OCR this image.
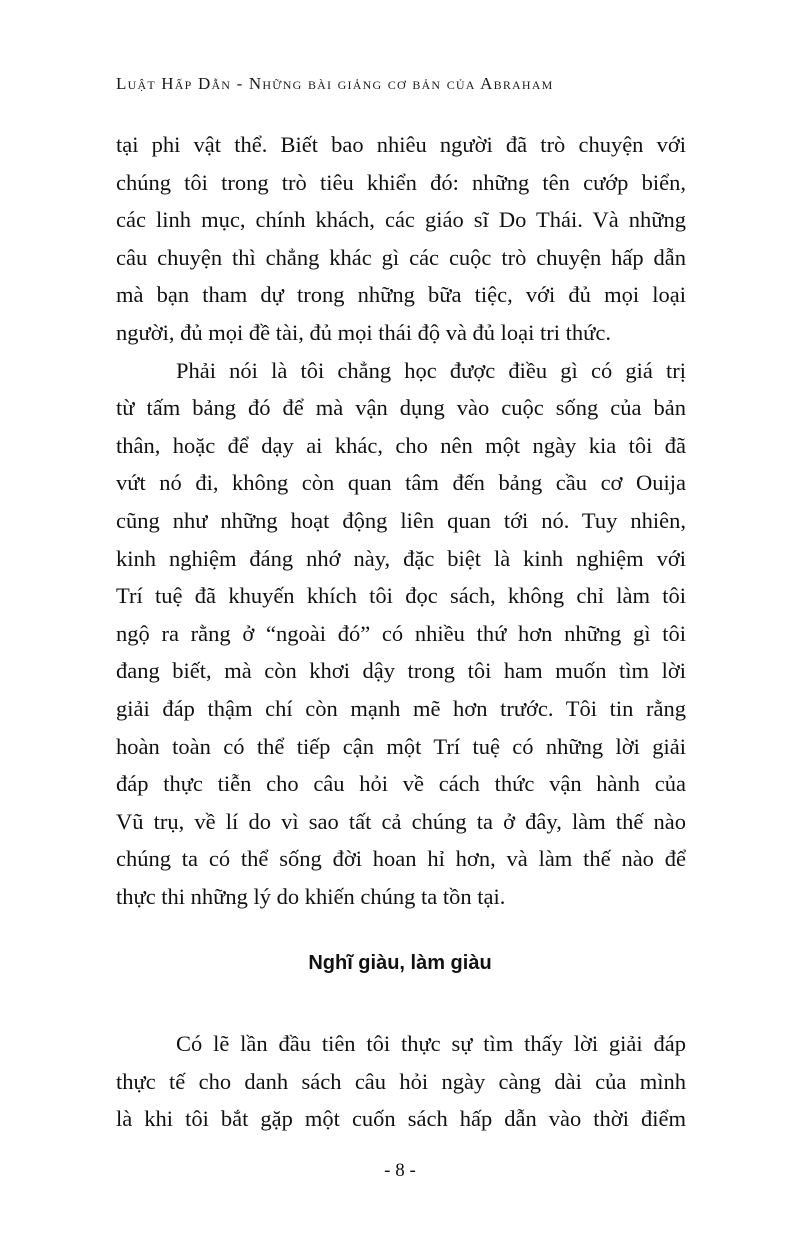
Luật Hấp Dẫn - Những bài giảng cơ bản của Abraham
tại phi vật thể. Biết bao nhiêu người đã trò chuyện với
chúng tôi trong trò tiêu khiển đó: những tên cướp biển,
các linh mục, chính khách, các giáo sĩ Do Thái. Và những
câu chuyện thì chẳng khác gì các cuộc trò chuyện hấp dẫn
mà bạn tham dự trong những bữa tiệc, với đủ mọi loại
người, đủ mọi đề tài, đủ mọi thái độ và đủ loại tri thức.
Phải nói là tôi chẳng học được điều gì có giá trị
từ tấm bảng đó để mà vận dụng vào cuộc sống của bản
thân, hoặc để dạy ai khác, cho nên một ngày kia tôi đã
vứt nó đi, không còn quan tâm đến bảng cầu cơ Ouija
cũng như những hoạt động liên quan tới nó. Tuy nhiên,
kinh nghiệm đáng nhớ này, đặc biệt là kinh nghiệm với
Trí tuệ đã khuyến khích tôi đọc sách, không chỉ làm tôi
ngộ ra rằng ở “ngoài đó” có nhiều thứ hơn những gì tôi
đang biết, mà còn khơi dậy trong tôi ham muốn tìm lời
giải đáp thậm chí còn mạnh mẽ hơn trước. Tôi tin rằng
hoàn toàn có thể tiếp cận một Trí tuệ có những lời giải
đáp thực tiễn cho câu hỏi về cách thức vận hành của
Vũ trụ, về lí do vì sao tất cả chúng ta ở đây, làm thế nào
chúng ta có thể sống đời hoan hỉ hơn, và làm thế nào để
thực thi những lý do khiến chúng ta tồn tại.
Nghĩ giàu, làm giàu
Có lẽ lần đầu tiên tôi thực sự tìm thấy lời giải đáp
thực tế cho danh sách câu hỏi ngày càng dài của mình
là khi tôi bắt gặp một cuốn sách hấp dẫn vào thời điểm
- 8 -
